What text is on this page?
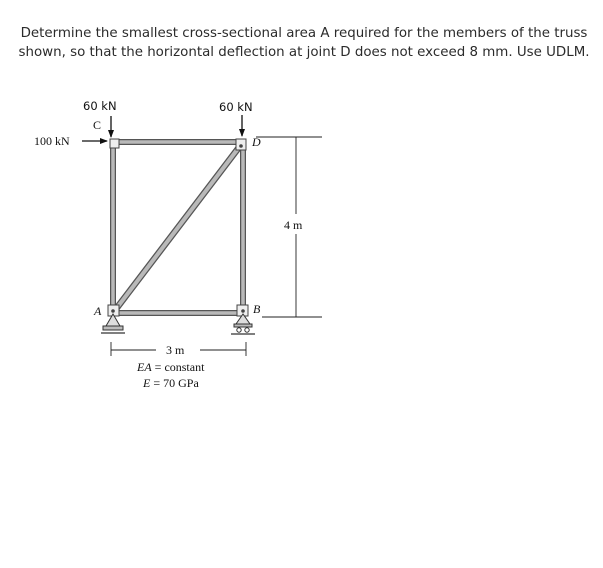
Determine the smallest cross-sectional area A required for the members of the truss shown, so that the horizontal deflection at joint D does not exceed 8 mm. Use UDLM.
60 kN	60 kN
100 kN
C
D
A	B
4 m
3 m
EA = constant
E = 70 GPa
